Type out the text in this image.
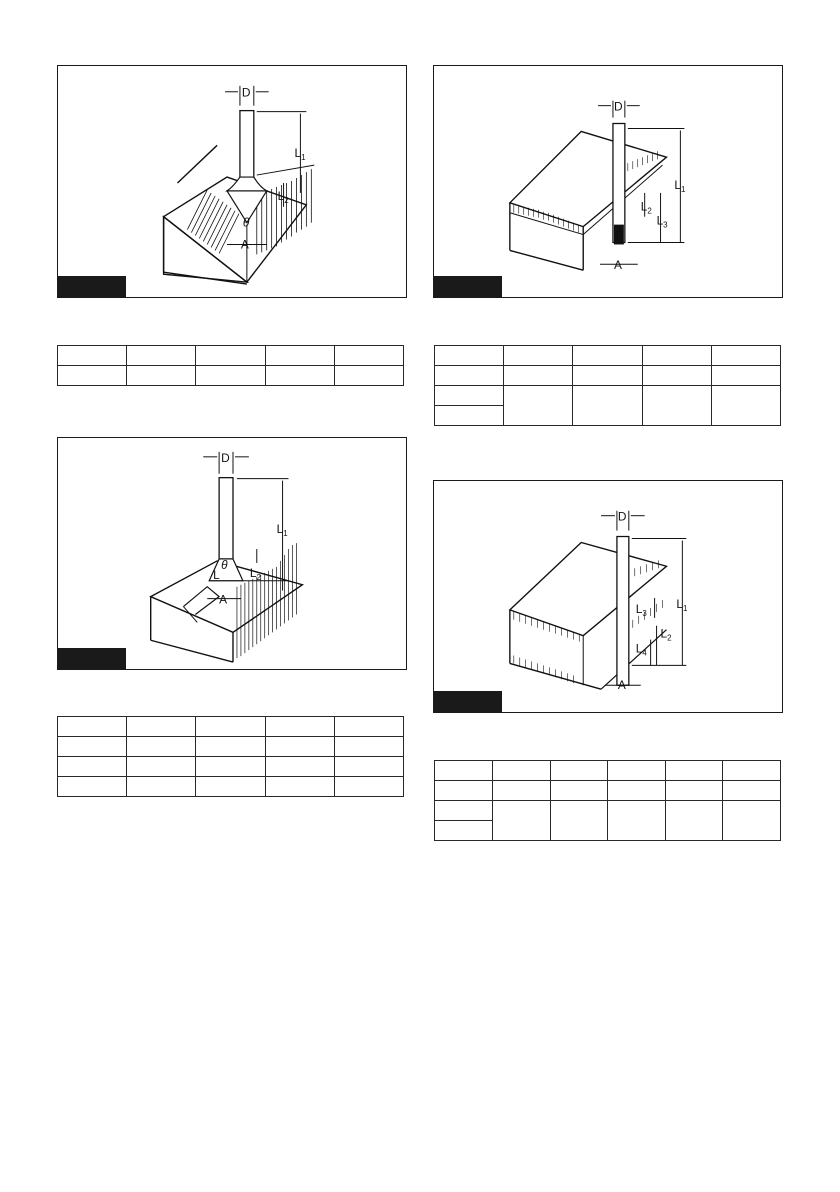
D
$L_1$
$L_2$
θ
A
D
$L_1$
$L_2$
$L_3$
A

D
$L_1$
$L_2$
θ
L
A
D
$L_1$
$L_2$
$L_3$
$L_4$
A
